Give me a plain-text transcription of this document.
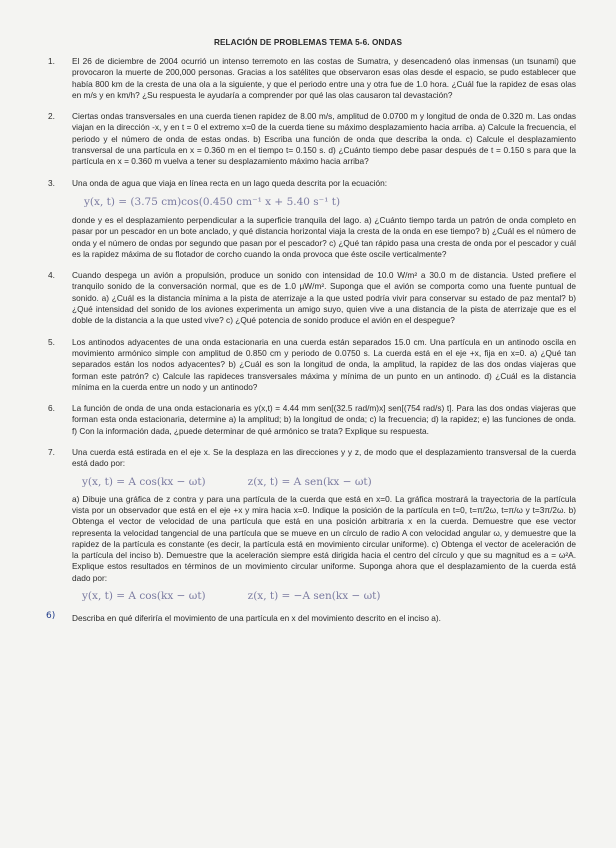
RELACIÓN DE PROBLEMAS TEMA 5-6. ONDAS
1. El 26 de diciembre de 2004 ocurrió un intenso terremoto en las costas de Sumatra, y desencadenó olas inmensas (un tsunami) que provocaron la muerte de 200,000 personas. Gracias a los satélites que observaron esas olas desde el espacio, se pudo establecer que había 800 km de la cresta de una ola a la siguiente, y que el periodo entre una y otra fue de 1.0 hora. ¿Cuál fue la rapidez de esas olas en m/s y en km/h? ¿Su respuesta le ayudaría a comprender por qué las olas causaron tal devastación?

2. Ciertas ondas transversales en una cuerda tienen rapidez de 8.00 m/s, amplitud de 0.0700 m y longitud de onda de 0.320 m. Las ondas viajan en la dirección -x, y en t = 0 el extremo x=0 de la cuerda tiene su máximo desplazamiento hacia arriba. a) Calcule la frecuencia, el periodo y el número de onda de estas ondas. b) Escriba una función de onda que describa la onda. c) Calcule el desplazamiento transversal de una partícula en x = 0.360 m en el tiempo t= 0.150 s. d) ¿Cuánto tiempo debe pasar después de t = 0.150 s para que la partícula en x = 0.360 m vuelva a tener su desplazamiento máximo hacia arriba?

3. Una onda de agua que viaja en línea recta en un lago queda descrita por la ecuación:

y(x, t) = (3.75 cm)cos(0.450 cm⁻¹ x + 5.40 s⁻¹ t)

donde y es el desplazamiento perpendicular a la superficie tranquila del lago. a) ¿Cuánto tiempo tarda un patrón de onda completo en pasar por un pescador en un bote anclado, y qué distancia horizontal viaja la cresta de la onda en ese tiempo? b) ¿Cuál es el número de onda y el número de ondas por segundo que pasan por el pescador? c) ¿Qué tan rápido pasa una cresta de onda por el pescador y cuál es la rapidez máxima de su flotador de corcho cuando la onda provoca que éste oscile verticalmente?

4. Cuando despega un avión a propulsión, produce un sonido con intensidad de 10.0 W/m² a 30.0 m de distancia. Usted prefiere el tranquilo sonido de la conversación normal, que es de 1.0 μW/m². Suponga que el avión se comporta como una fuente puntual de sonido. a) ¿Cuál es la distancia mínima a la pista de aterrizaje a la que usted podría vivir para conservar su estado de paz mental? b) ¿Qué intensidad del sonido de los aviones experimenta un amigo suyo, quien vive a una distancia de la pista de aterrizaje que es el doble de la distancia a la que usted vive? c) ¿Qué potencia de sonido produce el avión en el despegue?

5. Los antinodos adyacentes de una onda estacionaria en una cuerda están separados 15.0 cm. Una partícula en un antinodo oscila en movimiento armónico simple con amplitud de 0.850 cm y periodo de 0.0750 s. La cuerda está en el eje +x, fija en x=0. a) ¿Qué tan separados están los nodos adyacentes? b) ¿Cuál es son la longitud de onda, la amplitud, la rapidez de las dos ondas viajeras que forman este patrón? c) Calcule las rapideces transversales máxima y mínima de un punto en un antinodo. d) ¿Cuál es la distancia mínima en la cuerda entre un nodo y un antinodo?

6. La función de onda de una onda estacionaria es y(x,t) = 4.44 mm sen[(32.5 rad/m)x] sen[(754 rad/s) t]. Para las dos ondas viajeras que forman esta onda estacionaria, determine a) la amplitud; b) la longitud de onda; c) la frecuencia; d) la rapidez; e) las funciones de onda. f) Con la información dada, ¿puede determinar de qué armónico se trata? Explique su respuesta.

7. Una cuerda está estirada en el eje x. Se la desplaza en las direcciones y y z, de modo que el desplazamiento transversal de la cuerda está dado por:

y(x, t) = A cos(kx − ωt)	z(x, t) = A sen(kx − ωt)

a) Dibuje una gráfica de z contra y para una partícula de la cuerda que está en x=0. La gráfica mostrará la trayectoria de la partícula vista por un observador que está en el eje +x y mira hacia x=0. Indique la posición de la partícula en t=0, t=π/2ω, t=π/ω y t=3π/2ω. b) Obtenga el vector de velocidad de una partícula que está en una posición arbitraria x en la cuerda. Demuestre que ese vector representa la velocidad tangencial de una partícula que se mueve en un círculo de radio A con velocidad angular ω, y demuestre que la rapidez de la partícula es constante (es decir, la partícula está en movimiento circular uniforme). c) Obtenga el vector de aceleración de la partícula del inciso b). Demuestre que la aceleración siempre está dirigida hacia el centro del círculo y que su magnitud es a = ω²A. Explique estos resultados en términos de un movimiento circular uniforme. Suponga ahora que el desplazamiento de la cuerda está dado por:

y(x, t) = A cos(kx − ωt)	z(x, t) = −A sen(kx − ωt)
6) Describa en qué diferiría el movimiento de una partícula en x del movimiento descrito en el inciso a).
